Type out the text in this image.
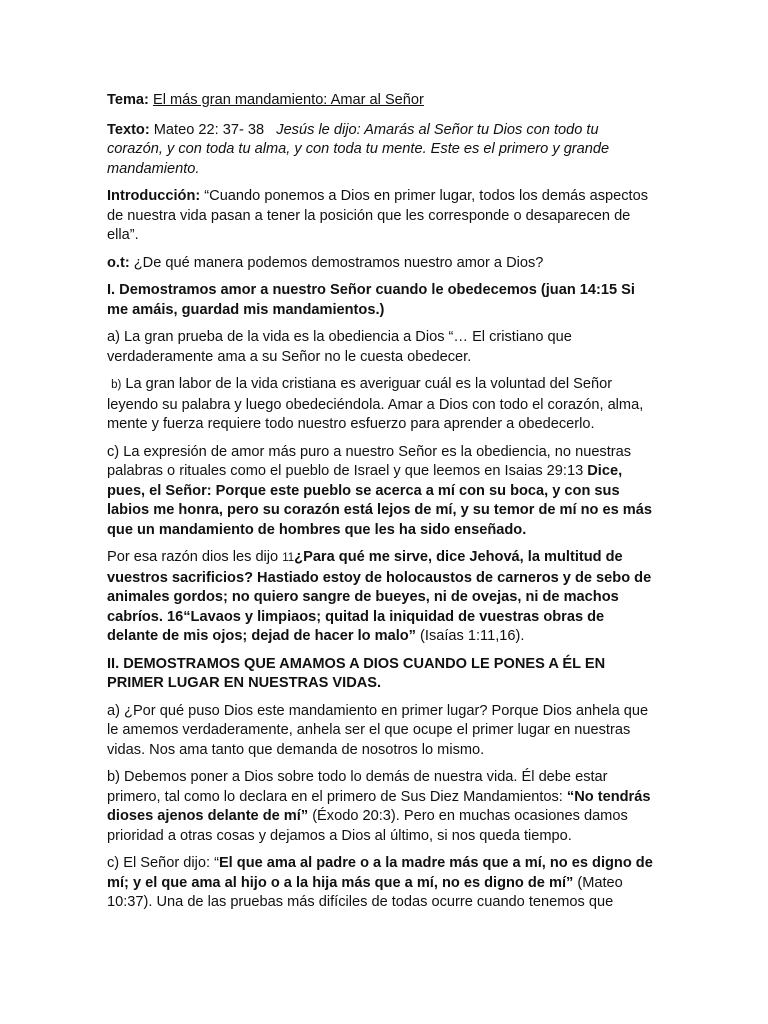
Tema: El más gran mandamiento: Amar al Señor

Texto: Mateo 22: 37- 38   Jesús le dijo: Amarás al Señor tu Dios con todo tu corazón, y con toda tu alma, y con toda tu mente. Este es el primero y grande mandamiento.

Introducción: “Cuando ponemos a Dios en primer lugar, todos los demás aspectos de nuestra vida pasan a tener la posición que les corresponde o desaparecen de ella”.

o.t: ¿De qué manera podemos demostramos nuestro amor a Dios?

I. Demostramos amor a nuestro Señor cuando le obedecemos (juan 14:15 Si me amáis, guardad mis mandamientos.)

a) La gran prueba de la vida es la obediencia a Dios “… El cristiano que verdaderamente ama a su Señor no le cuesta obedecer.

b) La gran labor de la vida cristiana es averiguar cuál es la voluntad del Señor leyendo su palabra y luego obedeciéndola. Amar a Dios con todo el corazón, alma, mente y fuerza requiere todo nuestro esfuerzo para aprender a obedecerlo.

c) La expresión de amor más puro a nuestro Señor es la obediencia, no nuestras palabras o rituales como el pueblo de Israel y que leemos en Isaias 29:13 Dice, pues, el Señor: Porque este pueblo se acerca a mí con su boca, y con sus labios me honra, pero su corazón está lejos de mí, y su temor de mí no es más que un mandamiento de hombres que les ha sido enseñado.

Por esa razón dios les dijo 11¿Para qué me sirve, dice Jehová, la multitud de vuestros sacrificios? Hastiado estoy de holocaustos de carneros y de sebo de animales gordos; no quiero sangre de bueyes, ni de ovejas, ni de machos cabríos. 16“Lavaos y limpiaos; quitad la iniquidad de vuestras obras de delante de mis ojos; dejad de hacer lo malo” (Isaías 1:11,16).

II. DEMOSTRAMOS QUE AMAMOS A DIOS CUANDO LE PONES A ÉL EN PRIMER LUGAR EN NUESTRAS VIDAS.

a) ¿Por qué puso Dios este mandamiento en primer lugar? Porque Dios anhela que le amemos verdaderamente, anhela ser el que ocupe el primer lugar en nuestras vidas. Nos ama tanto que demanda de nosotros lo mismo.

b) Debemos poner a Dios sobre todo lo demás de nuestra vida. Él debe estar primero, tal como lo declara en el primero de Sus Diez Mandamientos: “No tendrás dioses ajenos delante de mí” (Éxodo 20:3). Pero en muchas ocasiones damos prioridad a otras cosas y dejamos a Dios al último, si nos queda tiempo.

c) El Señor dijo: “El que ama al padre o a la madre más que a mí, no es digno de mí; y el que ama al hijo o a la hija más que a mí, no es digno de mí” (Mateo 10:37). Una de las pruebas más difíciles de todas ocurre cuando tenemos que
